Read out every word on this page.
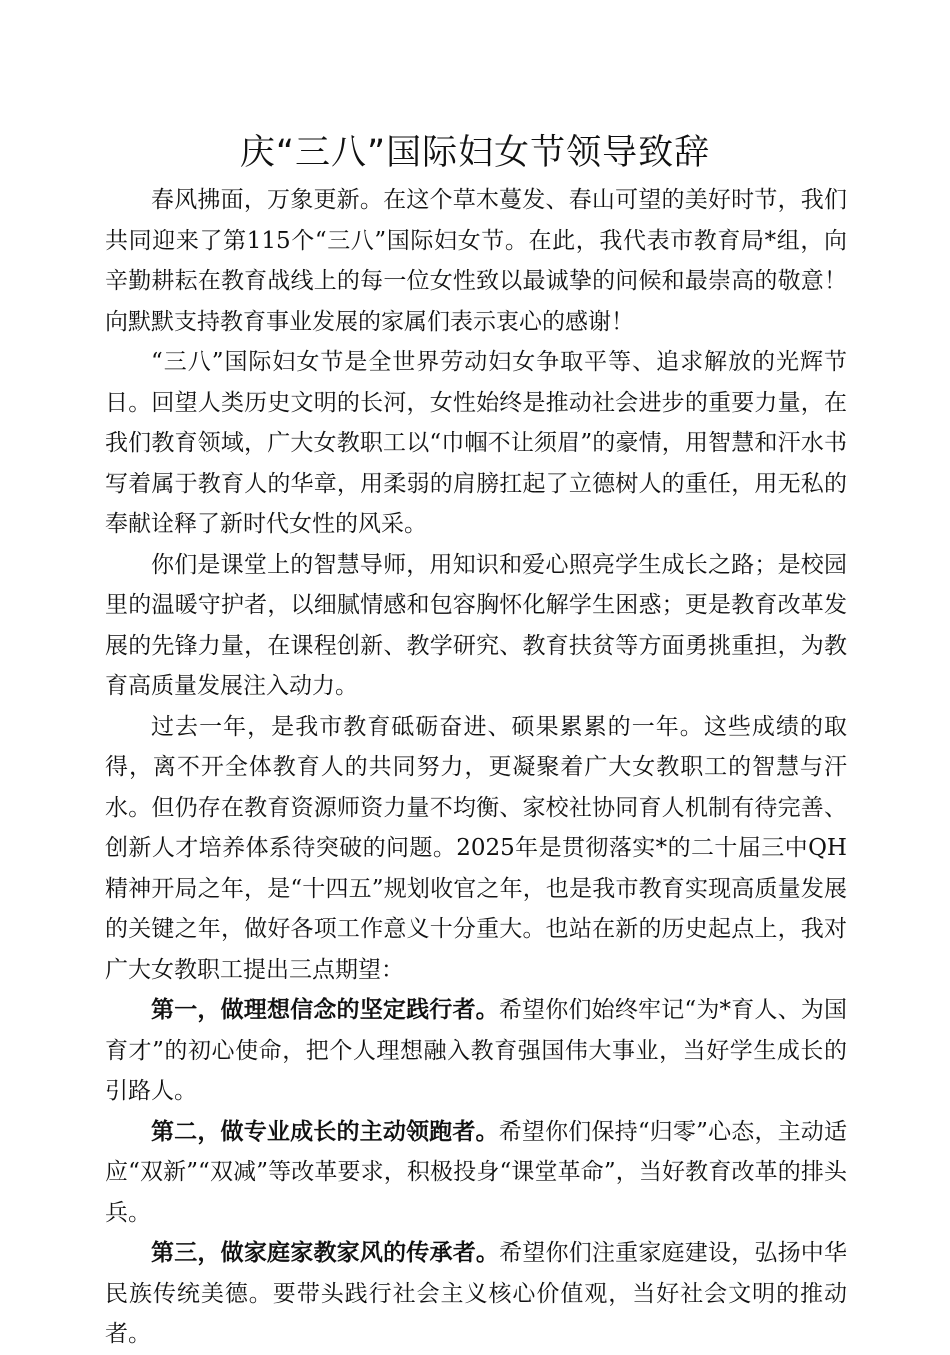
庆“三八”国际妇女节领导致辞

春风拂面，万象更新。在这个草木蔓发、春山可望的美好时节，我们共同迎来了第115个“三八”国际妇女节。在此，我代表市教育局*组，向辛勤耕耘在教育战线上的每一位女性致以最诚挚的问候和最崇高的敬意！向默默支持教育事业发展的家属们表示衷心的感谢！

“三八”国际妇女节是全世界劳动妇女争取平等、追求解放的光辉节日。回望人类历史文明的长河，女性始终是推动社会进步的重要力量，在我们教育领域，广大女教职工以“巾帼不让须眉”的豪情，用智慧和汗水书写着属于教育人的华章，用柔弱的肩膀扛起了立德树人的重任，用无私的奉献诠释了新时代女性的风采。

你们是课堂上的智慧导师，用知识和爱心照亮学生成长之路；是校园里的温暖守护者，以细腻情感和包容胸怀化解学生困惑；更是教育改革发展的先锋力量，在课程创新、教学研究、教育扶贫等方面勇挑重担，为教育高质量发展注入动力。

过去一年，是我市教育砥砺奋进、硕果累累的一年。这些成绩的取得，离不开全体教育人的共同努力，更凝聚着广大女教职工的智慧与汗水。但仍存在教育资源师资力量不均衡、家校社协同育人机制有待完善、创新人才培养体系待突破的问题。2025年是贯彻落实*的二十届三中QH精神开局之年，是“十四五”规划收官之年，也是我市教育实现高质量发展的关键之年，做好各项工作意义十分重大。也站在新的历史起点上，我对广大女教职工提出三点期望：

第一，做理想信念的坚定践行者。希望你们始终牢记“为*育人、为国育才”的初心使命，把个人理想融入教育强国伟大事业，当好学生成长的引路人。

第二，做专业成长的主动领跑者。希望你们保持“归零”心态，主动适应“双新”“双减”等改革要求，积极投身“课堂革命”，当好教育改革的排头兵。

第三，做家庭家教家风的传承者。希望你们注重家庭建设，弘扬中华民族传统美德。要带头践行社会主义核心价值观，当好社会文明的推动者。
